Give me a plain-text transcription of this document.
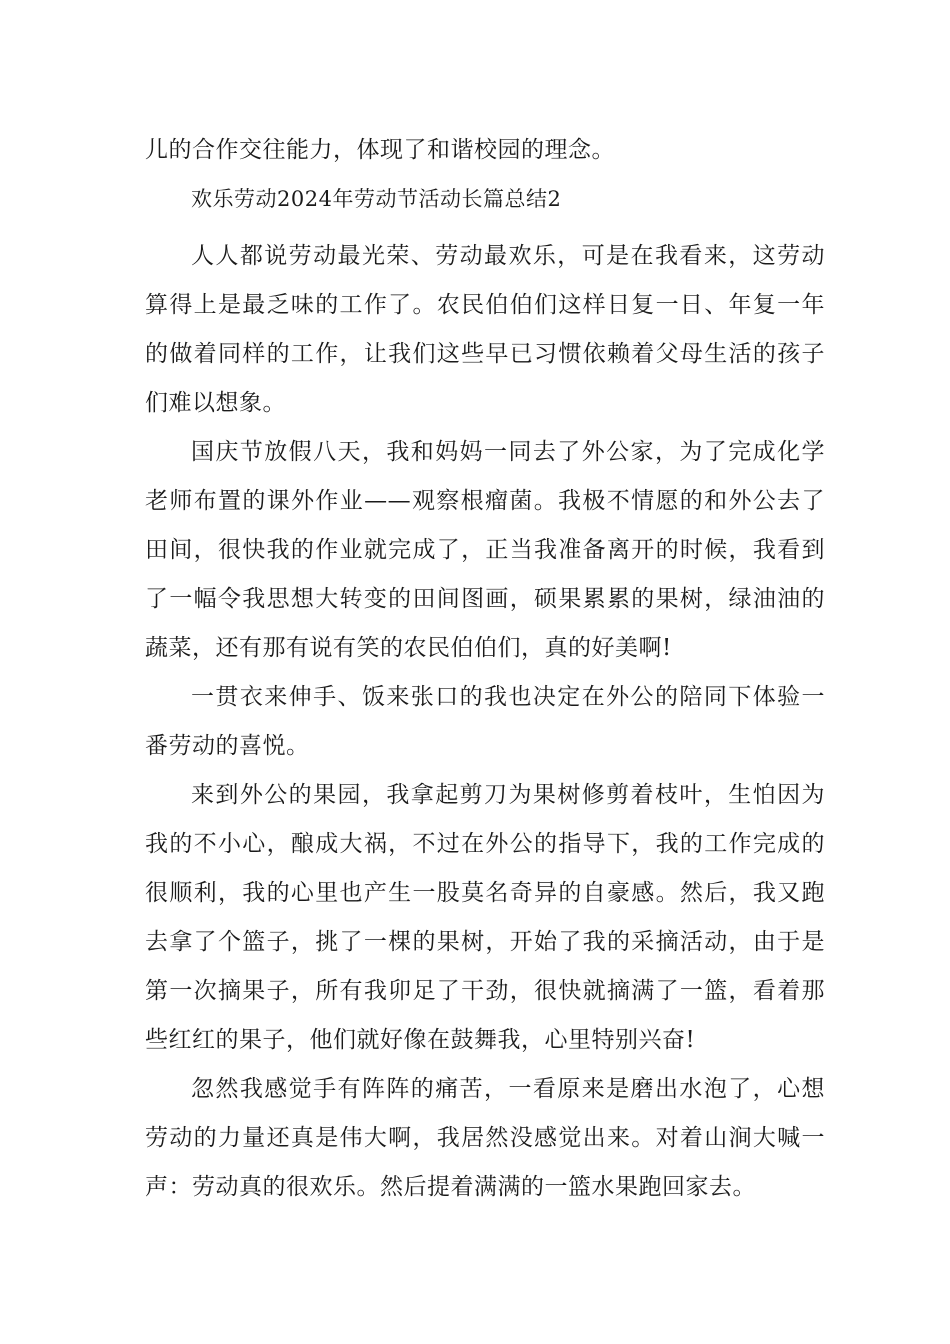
儿的合作交往能力，体现了和谐校园的理念。

欢乐劳动2024年劳动节活动长篇总结2

人人都说劳动最光荣、劳动最欢乐，可是在我看来，这劳动算得上是最乏味的工作了。农民伯伯们这样日复一日、年复一年的做着同样的工作，让我们这些早已习惯依赖着父母生活的孩子们难以想象。

国庆节放假八天，我和妈妈一同去了外公家，为了完成化学老师布置的课外作业——观察根瘤菌。我极不情愿的和外公去了田间，很快我的作业就完成了，正当我准备离开的时候，我看到了一幅令我思想大转变的田间图画，硕果累累的果树，绿油油的蔬菜，还有那有说有笑的农民伯伯们，真的好美啊!

一贯衣来伸手、饭来张口的我也决定在外公的陪同下体验一番劳动的喜悦。

来到外公的果园，我拿起剪刀为果树修剪着枝叶，生怕因为我的不小心，酿成大祸，不过在外公的指导下，我的工作完成的很顺利，我的心里也产生一股莫名奇异的自豪感。然后，我又跑去拿了个篮子，挑了一棵的果树，开始了我的采摘活动，由于是第一次摘果子，所有我卯足了干劲，很快就摘满了一篮，看着那些红红的果子，他们就好像在鼓舞我，心里特别兴奋!

忽然我感觉手有阵阵的痛苦，一看原来是磨出水泡了，心想劳动的力量还真是伟大啊，我居然没感觉出来。对着山涧大喊一声：劳动真的很欢乐。然后提着满满的一篮水果跑回家去。
